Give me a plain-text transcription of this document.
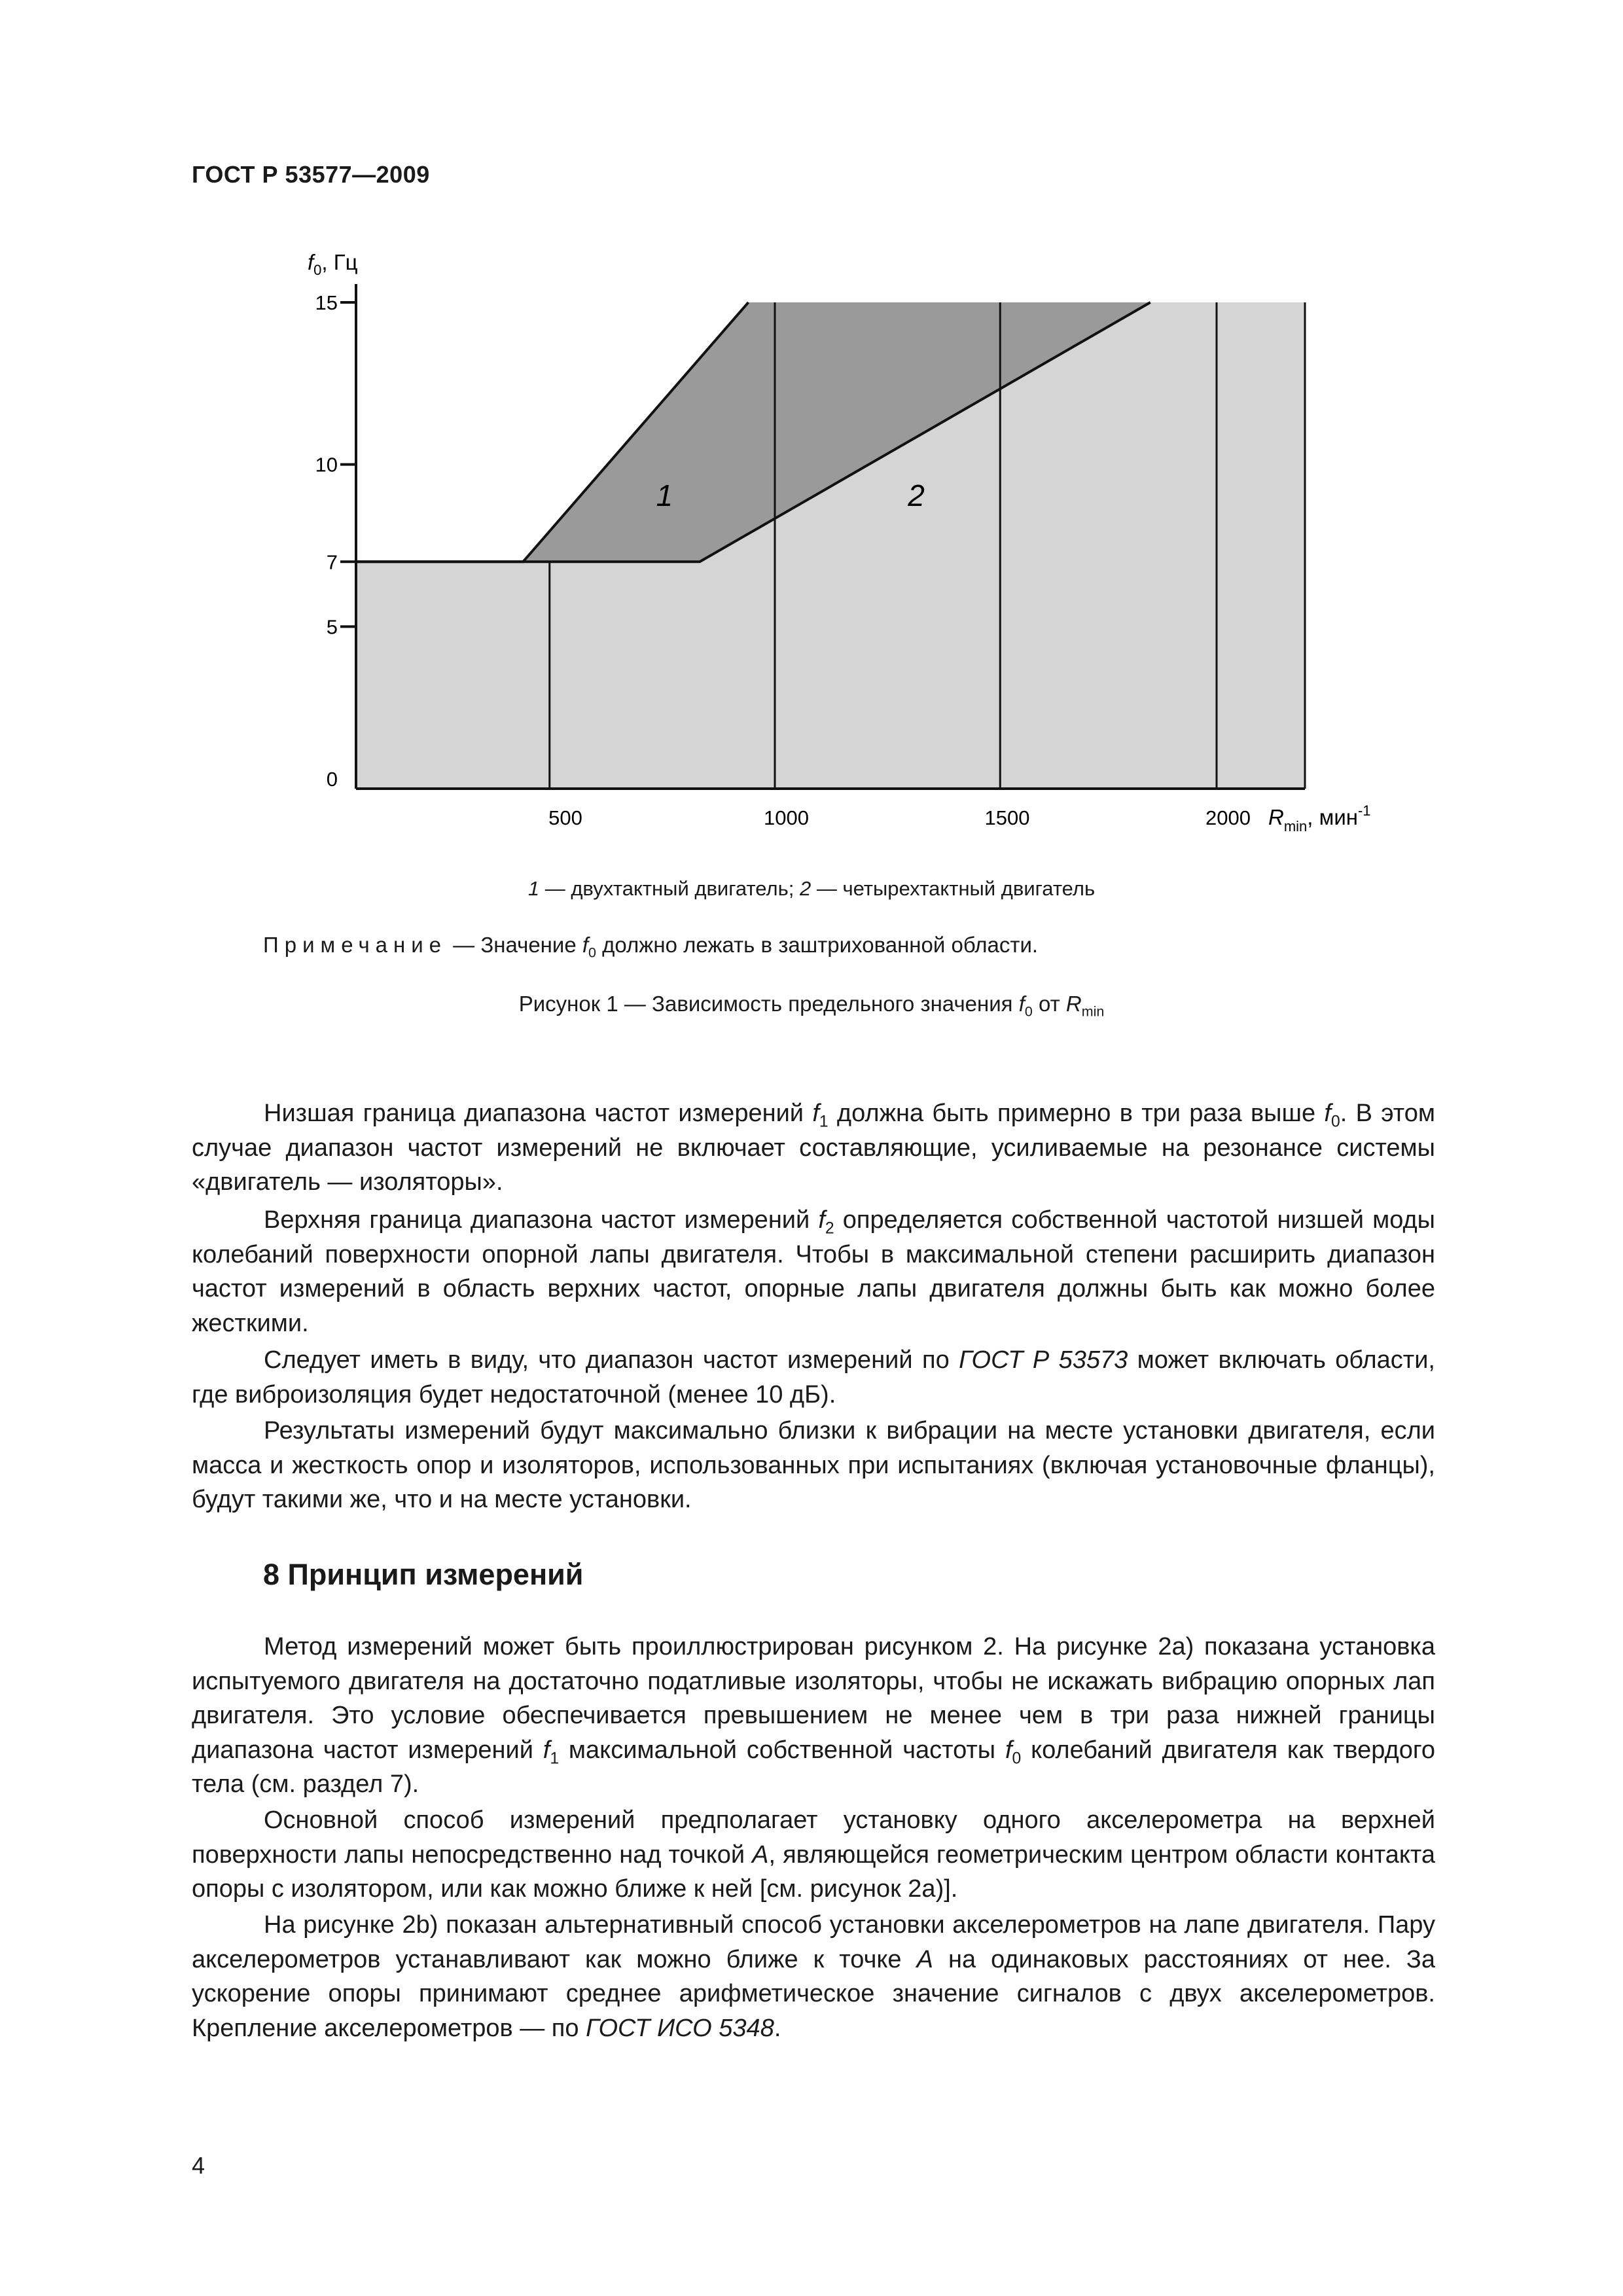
ГОСТ Р 53577—2009
0
5
7
10
15
500	1000	1500	2000
$f_0$, Гц
$R_{min}$, мин$^{-1}$
1	2
1 — двухтактный двигатель; 2 — четырехтактный двигатель
Примечание — Значение $f_0$ должно лежать в заштрихованной области.
Рисунок 1 — Зависимость предельного значения $f_0$ от $R_{min}$
Низшая граница диапазона частот измерений $f_1$ должна быть примерно в три раза выше $f_0$. В этом случае диапазон частот измерений не включает составляющие, усиливаемые на резонансе системы «двигатель — изоляторы».
Верхняя граница диапазона частот измерений $f_2$ определяется собственной частотой низшей моды колебаний поверхности опорной лапы двигателя. Чтобы в максимальной степени расширить диапазон частот измерений в область верхних частот, опорные лапы двигателя должны быть как можно более жесткими.
Следует иметь в виду, что диапазон частот измерений по ГОСТ Р 53573 может включать области, где виброизоляция будет недостаточной (менее 10 дБ).
Результаты измерений будут максимально близки к вибрации на месте установки двигателя, если масса и жесткость опор и изоляторов, использованных при испытаниях (включая установочные фланцы), будут такими же, что и на месте установки.
8 Принцип измерений
Метод измерений может быть проиллюстрирован рисунком 2. На рисунке 2а) показана установка испытуемого двигателя на достаточно податливые изоляторы, чтобы не искажать вибрацию опорных лап двигателя. Это условие обеспечивается превышением не менее чем в три раза нижней границы диапазона частот измерений $f_1$ максимальной собственной частоты $f_0$ колебаний двигателя как твердого тела (см. раздел 7).
Основной способ измерений предполагает установку одного акселерометра на верхней поверхности лапы непосредственно над точкой A, являющейся геометрическим центром области контакта опоры с изолятором, или как можно ближе к ней [см. рисунок 2а)].
На рисунке 2b) показан альтернативный способ установки акселерометров на лапе двигателя. Пару акселерометров устанавливают как можно ближе к точке A на одинаковых расстояниях от нее. За ускорение опоры принимают среднее арифметическое значение сигналов с двух акселерометров. Крепление акселерометров — по ГОСТ ИСО 5348.
4
